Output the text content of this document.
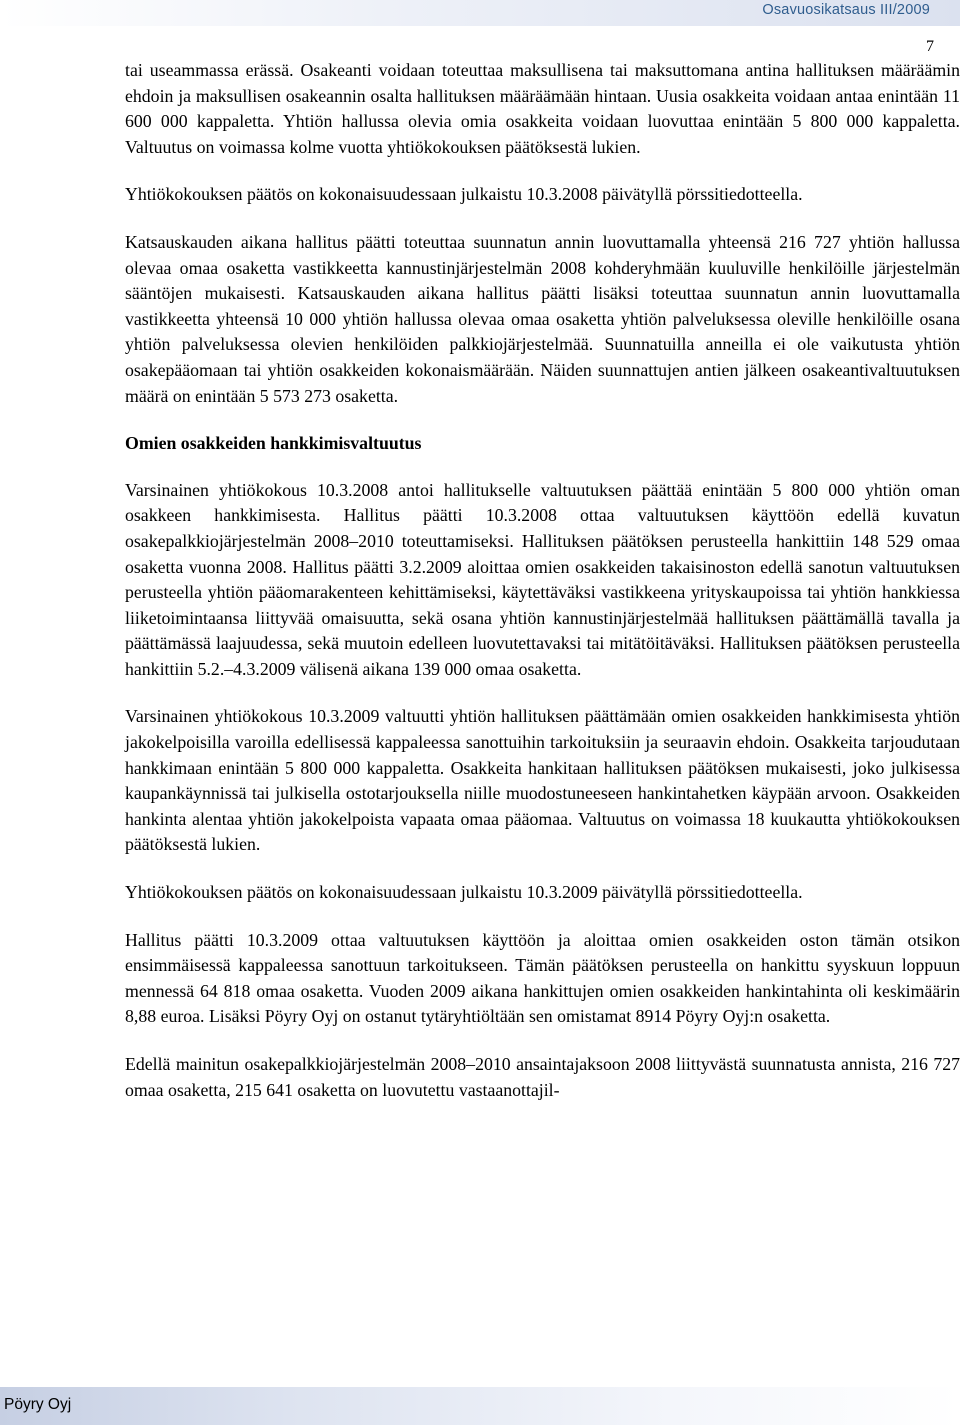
Osavuosikatsaus III/2009
7

tai useammassa erässä. Osakeanti voidaan toteuttaa maksullisena tai maksuttomana antina hallituksen määräämin ehdoin ja maksullisen osakeannin osalta hallituksen määräämään hintaan. Uusia osakkeita voidaan antaa enintään 11 600 000 kappaletta. Yhtiön hallussa olevia omia osakkeita voidaan luovuttaa enintään 5 800 000 kappaletta. Valtuutus on voimassa kolme vuotta yhtiökokouksen päätöksestä lukien.

Yhtiökokouksen päätös on kokonaisuudessaan julkaistu 10.3.2008 päivätyllä pörssitiedotteella.

Katsauskauden aikana hallitus päätti toteuttaa suunnatun annin luovuttamalla yhteensä 216 727 yhtiön hallussa olevaa omaa osaketta vastikkeetta kannustinjärjestelmän 2008 kohderyhmään kuuluville henkilöille järjestelmän sääntöjen mukaisesti. Katsauskauden aikana hallitus päätti lisäksi toteuttaa suunnatun annin luovuttamalla vastikkeetta yhteensä 10 000 yhtiön hallussa olevaa omaa osaketta yhtiön palveluksessa oleville henkilöille osana yhtiön palveluksessa olevien henkilöiden palkkiojärjestelmää. Suunnatuilla anneilla ei ole vaikutusta yhtiön osakepääomaan tai yhtiön osakkeiden kokonaismäärään. Näiden suunnattujen antien jälkeen osakeantivaltuutuksen määrä on enintään 5 573 273 osaketta.

Omien osakkeiden hankkimisvaltuutus

Varsinainen yhtiökokous 10.3.2008 antoi hallitukselle valtuutuksen päättää enintään 5 800 000 yhtiön oman osakkeen hankkimisesta. Hallitus päätti 10.3.2008 ottaa valtuutuksen käyttöön edellä kuvatun osakepalkkiojärjestelmän 2008–2010 toteuttamiseksi. Hallituksen päätöksen perusteella hankittiin 148 529 omaa osaketta vuonna 2008. Hallitus päätti 3.2.2009 aloittaa omien osakkeiden takaisinoston edellä sanotun valtuutuksen perusteella yhtiön pääomarakenteen kehittämiseksi, käytettäväksi vastikkeena yrityskaupoissa tai yhtiön hankkiessa liiketoimintaansa liittyvää omaisuutta, sekä osana yhtiön kannustinjärjestelmää hallituksen päättämällä tavalla ja päättämässä laajuudessa, sekä muutoin edelleen luovutettavaksi tai mitätöitäväksi. Hallituksen päätöksen perusteella hankittiin 5.2.–4.3.2009 välisenä aikana 139 000 omaa osaketta.

Varsinainen yhtiökokous 10.3.2009 valtuutti yhtiön hallituksen päättämään omien osakkeiden hankkimisesta yhtiön jakokelpoisilla varoilla edellisessä kappaleessa sanottuihin tarkoituksiin ja seuraavin ehdoin. Osakkeita tarjoudutaan hankkimaan enintään 5 800 000 kappaletta. Osakkeita hankitaan hallituksen päätöksen mukaisesti, joko julkisessa kaupankäynnissä tai julkisella ostotarjouksella niille muodostuneeseen hankintahetken käypään arvoon. Osakkeiden hankinta alentaa yhtiön jakokelpoista vapaata omaa pääomaa. Valtuutus on voimassa 18 kuukautta yhtiökokouksen päätöksestä lukien.

Yhtiökokouksen päätös on kokonaisuudessaan julkaistu 10.3.2009 päivätyllä pörssitiedotteella.

Hallitus päätti 10.3.2009 ottaa valtuutuksen käyttöön ja aloittaa omien osakkeiden oston tämän otsikon ensimmäisessä kappaleessa sanottuun tarkoitukseen. Tämän päätöksen perusteella on hankittu syyskuun loppuun mennessä 64 818 omaa osaketta. Vuoden 2009 aikana hankittujen omien osakkeiden hankintahinta oli keskimäärin 8,88 euroa. Lisäksi Pöyry Oyj on ostanut tytäryhtiöltään sen omistamat 8914 Pöyry Oyj:n osaketta.

Edellä mainitun osakepalkkiojärjestelmän 2008–2010 ansaintajaksoon 2008 liittyvästä suunnatusta annista, 216 727 omaa osaketta, 215 641 osaketta on luovutettu vastaanottajil-

Pöyry Oyj
